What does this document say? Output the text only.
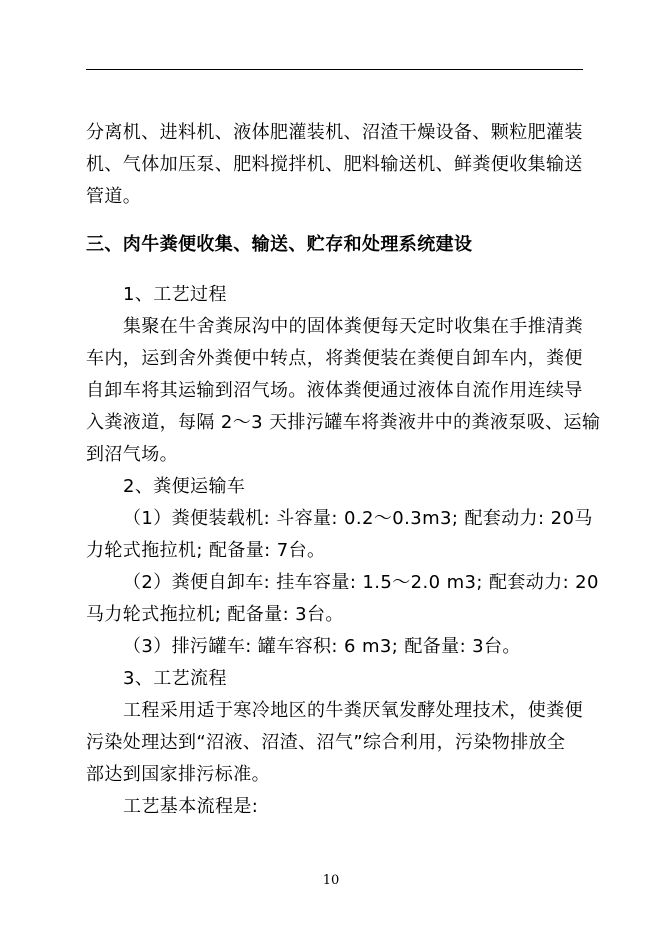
分离机、进料机、液体肥灌装机、沼渣干燥设备、颗粒肥灌装
机、气体加压泵、肥料搅拌机、肥料输送机、鲜粪便收集输送
管道。
三、肉牛粪便收集、输送、贮存和处理系统建设
1、工艺过程
集聚在牛舍粪尿沟中的固体粪便每天定时收集在手推清粪
车内，运到舍外粪便中转点，将粪便装在粪便自卸车内，粪便
自卸车将其运输到沼气场。液体粪便通过液体自流作用连续导
入粪液道，每隔 2～3 天排污罐车将粪液井中的粪液泵吸、运输
到沼气场。
2、粪便运输车
（1）粪便装载机: 斗容量: 0.2～0.3m3; 配套动力: 20马
力轮式拖拉机; 配备量: 7台。
（2）粪便自卸车: 挂车容量: 1.5～2.0 m3; 配套动力: 20
马力轮式拖拉机; 配备量: 3台。
（3）排污罐车: 罐车容积: 6 m3; 配备量: 3台。
3、工艺流程
工程采用适于寒冷地区的牛粪厌氧发酵处理技术，使粪便
污染处理达到“沼液、沼渣、沼气”综合利用，污染物排放全
部达到国家排污标准。
工艺基本流程是:
10
